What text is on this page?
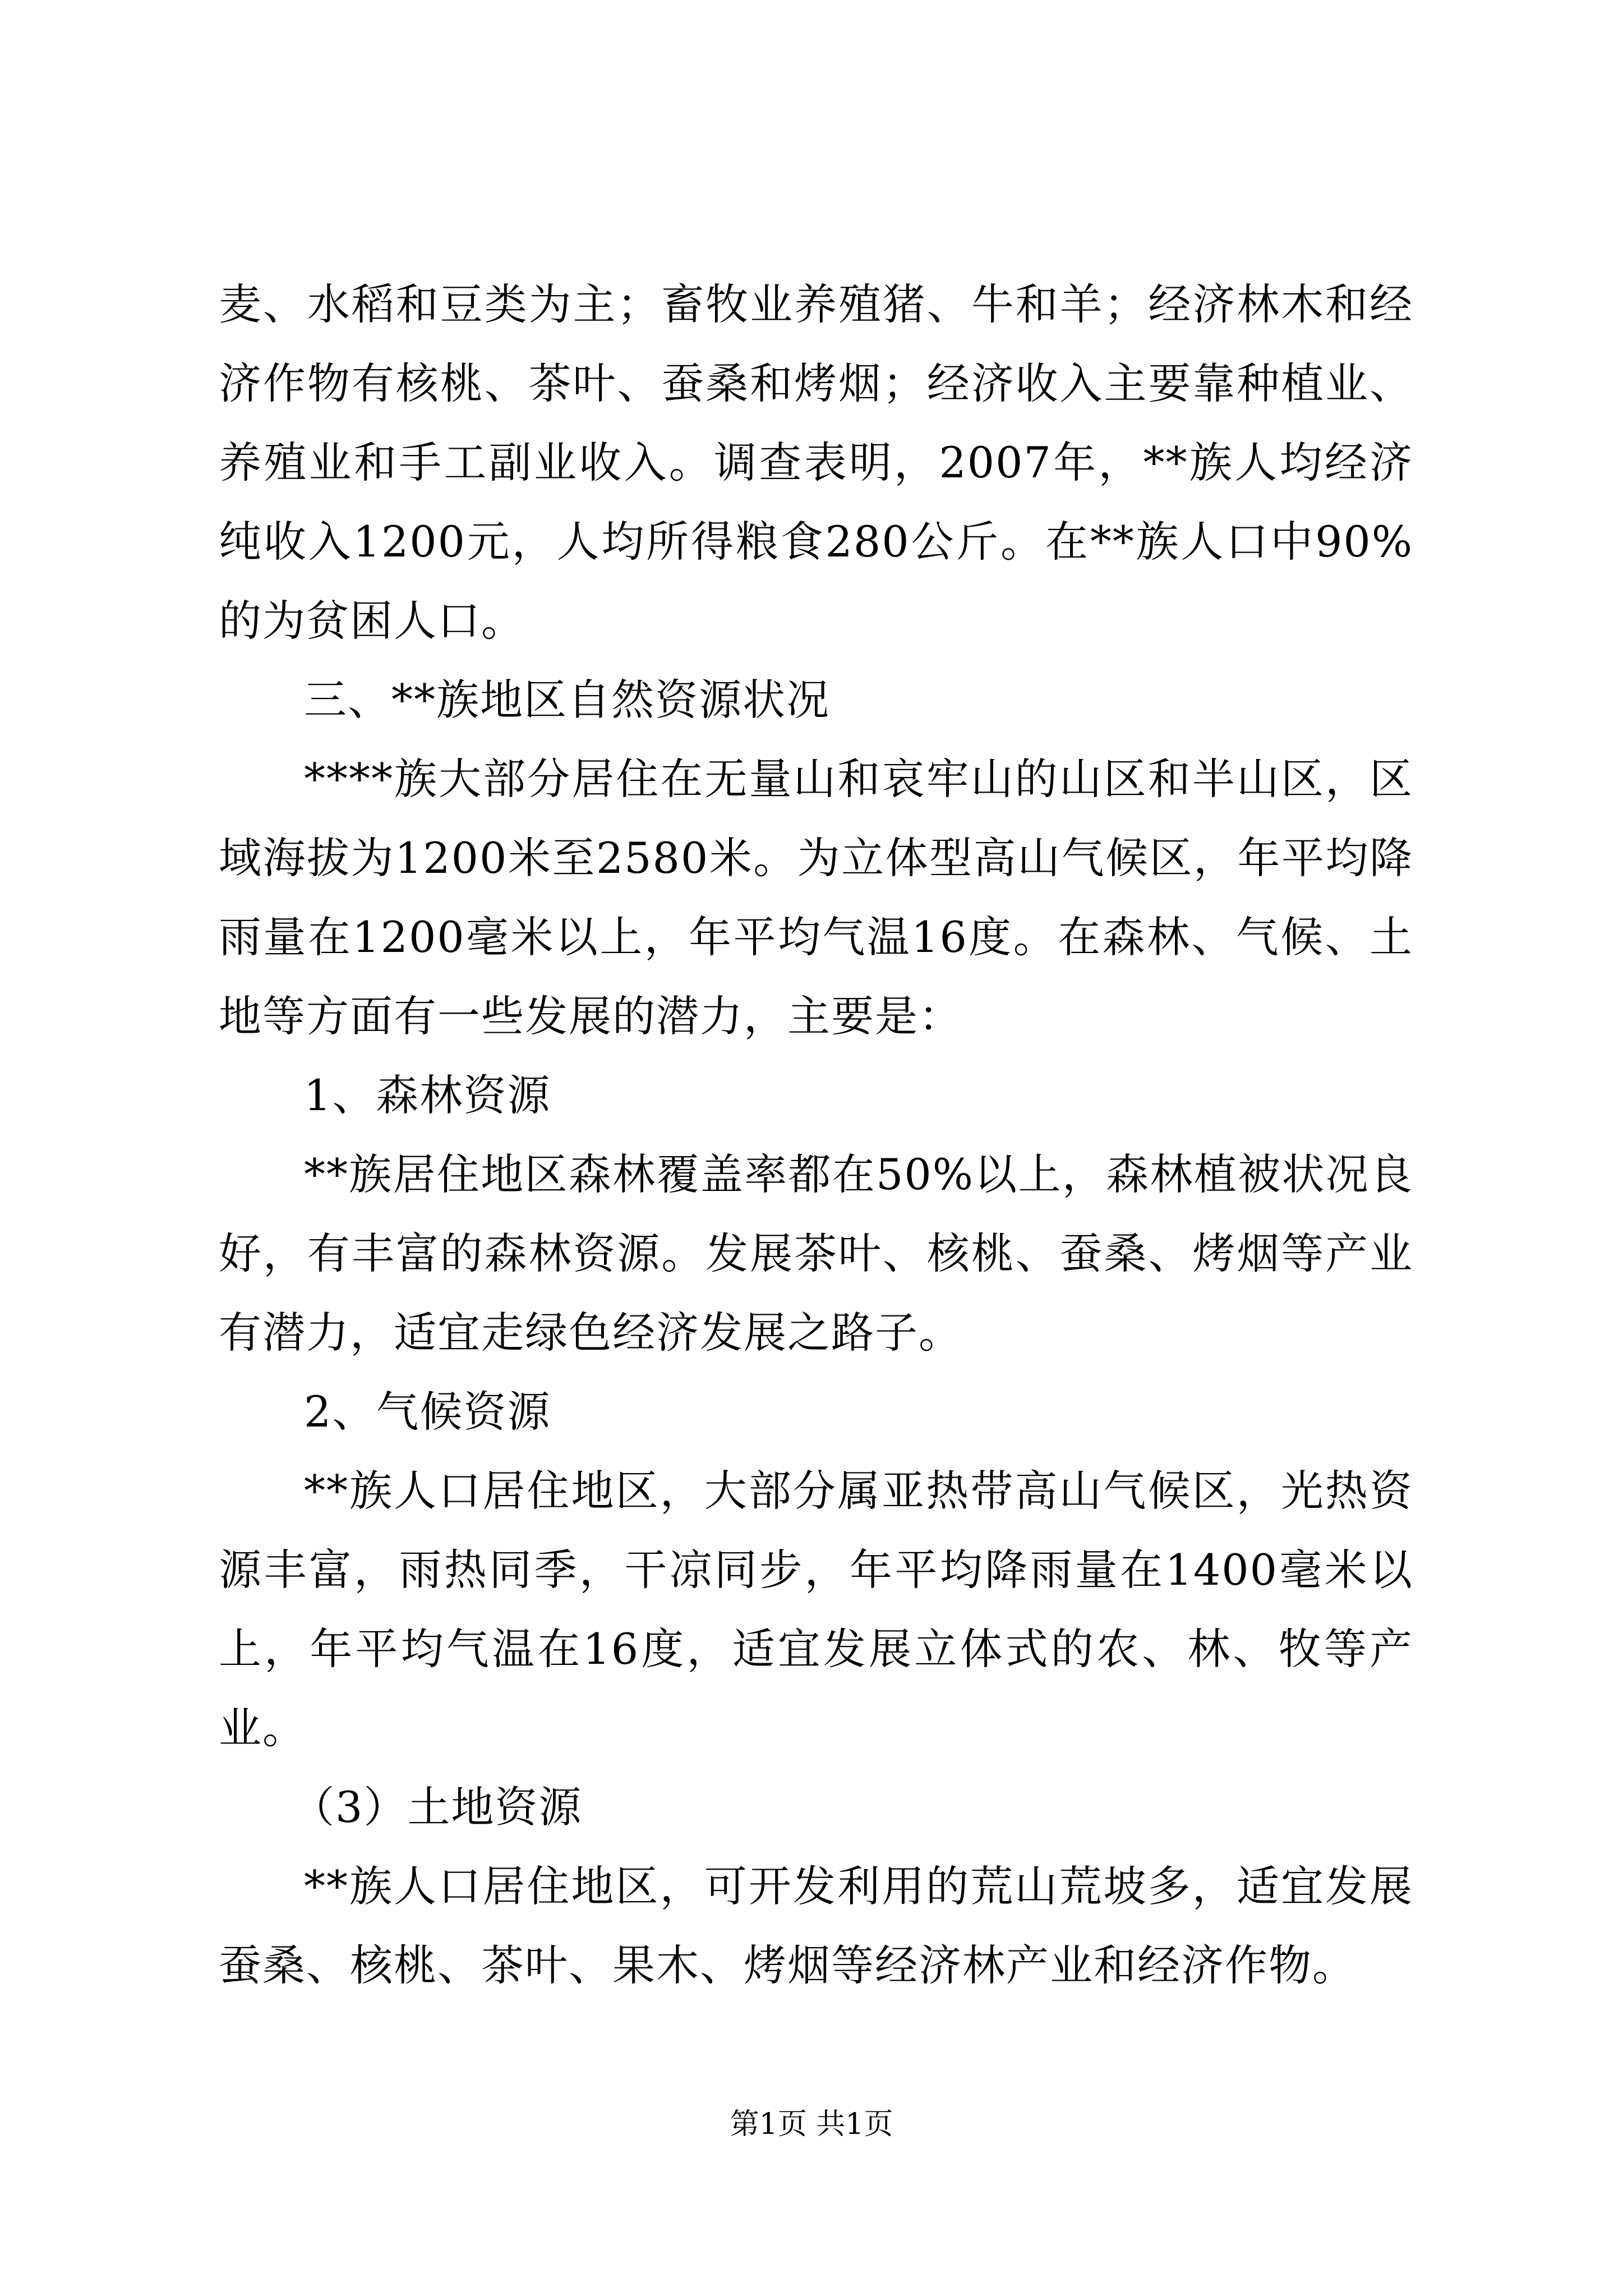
麦、水稻和豆类为主；畜牧业养殖猪、牛和羊；经济林木和经济作物有核桃、茶叶、蚕桑和烤烟；经济收入主要靠种植业、养殖业和手工副业收入。调查表明，2007年，**族人均经济纯收入1200元，人均所得粮食280公斤。在**族人口中90%的为贫困人口。

三、**族地区自然资源状况

****族大部分居住在无量山和哀牢山的山区和半山区，区域海拔为1200米至2580米。为立体型高山气候区，年平均降雨量在1200毫米以上，年平均气温16度。在森林、气候、土地等方面有一些发展的潜力，主要是：

1、森林资源

**族居住地区森林覆盖率都在50%以上，森林植被状况良好，有丰富的森林资源。发展茶叶、核桃、蚕桑、烤烟等产业有潜力，适宜走绿色经济发展之路子。

2、气候资源

**族人口居住地区，大部分属亚热带高山气候区，光热资源丰富，雨热同季，干凉同步，年平均降雨量在1400毫米以上，年平均气温在16度，适宜发展立体式的农、林、牧等产业。

（3）土地资源

**族人口居住地区，可开发利用的荒山荒坡多，适宜发展蚕桑、核桃、茶叶、果木、烤烟等经济林产业和经济作物。

第1页 共1页
